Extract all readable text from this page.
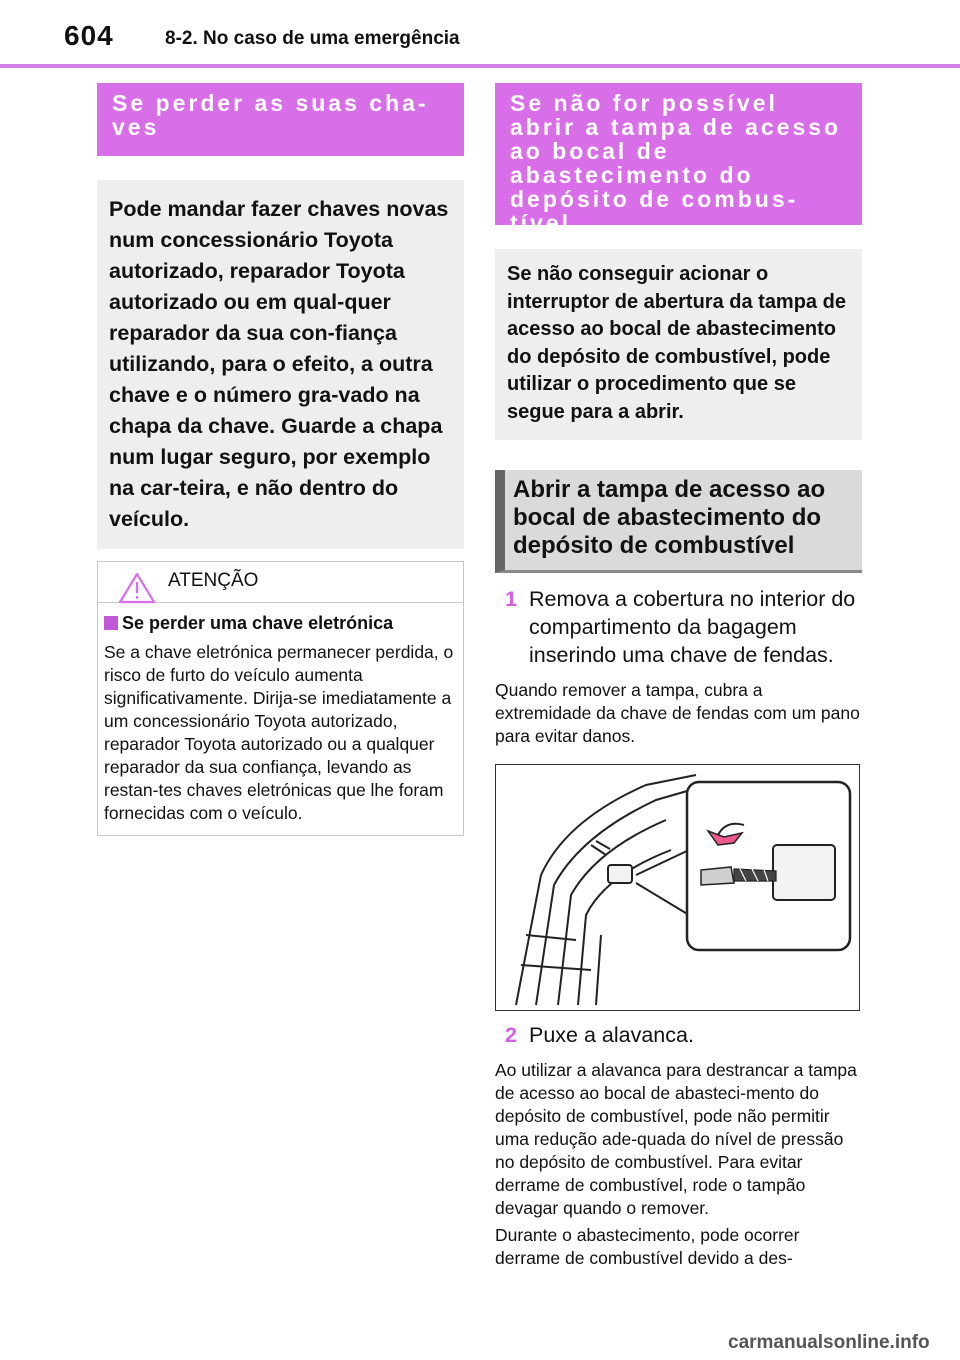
604	8-2. No caso de uma emergência
Se perder as suas cha-ves
Pode mandar fazer chaves novas num concessionário Toyota autorizado, reparador Toyota autorizado ou em qual-quer reparador da sua con-fiança utilizando, para o efeito, a outra chave e o número gra-vado na chapa da chave. Guarde a chapa num lugar seguro, por exemplo na car-teira, e não dentro do veículo.
ATENÇÃO
Se perder uma chave eletrónica
Se a chave eletrónica permanecer perdida, o risco de furto do veículo aumenta significativamente. Dirija-se imediatamente a um concessionário Toyota autorizado, reparador Toyota autorizado ou a qualquer reparador da sua confiança, levando as restan-tes chaves eletrónicas que lhe foram fornecidas com o veículo.
Se não for possível abrir a tampa de acesso ao bocal de abastecimento do depósito de combus-tível
Se não conseguir acionar o interruptor de abertura da tampa de acesso ao bocal de abastecimento do depósito de combustível, pode utilizar o procedimento que se segue para a abrir.
Abrir a tampa de acesso ao bocal de abastecimento do depósito de combustível
1 Remova a cobertura no interior do compartimento da bagagem inserindo uma chave de fendas.
Quando remover a tampa, cubra a extremidade da chave de fendas com um pano para evitar danos.
2 Puxe a alavanca.
Ao utilizar a alavanca para destrancar a tampa de acesso ao bocal de abasteci-mento do depósito de combustível, pode não permitir uma redução ade-quada do nível de pressão no depósito de combustível. Para evitar derrame de combustível, rode o tampão devagar quando o remover.
Durante o abastecimento, pode ocorrer derrame de combustível devido a des-
carmanualsonline.info
